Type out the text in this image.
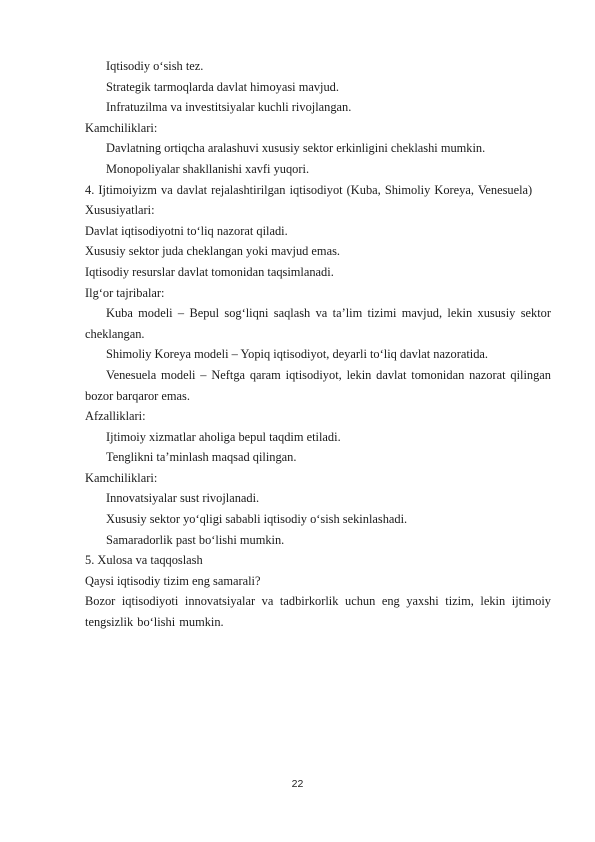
Iqtisodiy o‘sish tez.

Strategik tarmoqlarda davlat himoyasi mavjud.

Infratuzilma va investitsiyalar kuchli rivojlangan.

Kamchiliklari:

Davlatning ortiqcha aralashuvi xususiy sektor erkinligini cheklashi mumkin.

Monopoliyalar shakllanishi xavfi yuqori.

4. Ijtimoiyizm va davlat rejalashtirilgan iqtisodiyot (Kuba, Shimoliy Koreya, Venesuela)

Xususiyatlari:

Davlat iqtisodiyotni to‘liq nazorat qiladi.

Xususiy sektor juda cheklangan yoki mavjud emas.

Iqtisodiy resurslar davlat tomonidan taqsimlanadi.

Ilg‘or tajribalar:

Kuba modeli – Bepul sog‘liqni saqlash va ta’lim tizimi mavjud, lekin xususiy sektor cheklangan.

Shimoliy Koreya modeli – Yopiq iqtisodiyot, deyarli to‘liq davlat nazoratida.

Venesuela modeli – Neftga qaram iqtisodiyot, lekin davlat tomonidan nazorat qilingan bozor barqaror emas.

Afzalliklari:

Ijtimoiy xizmatlar aholiga bepul taqdim etiladi.

Tenglikni ta’minlash maqsad qilingan.

Kamchiliklari:

Innovatsiyalar sust rivojlanadi.

Xususiy sektor yo‘qligi sababli iqtisodiy o‘sish sekinlashadi.

Samaradorlik past bo‘lishi mumkin.

5. Xulosa va taqqoslash

Qaysi iqtisodiy tizim eng samarali?

Bozor iqtisodiyoti innovatsiyalar va tadbirkorlik uchun eng yaxshi tizim, lekin ijtimoiy tengsizlik bo‘lishi mumkin.

22
